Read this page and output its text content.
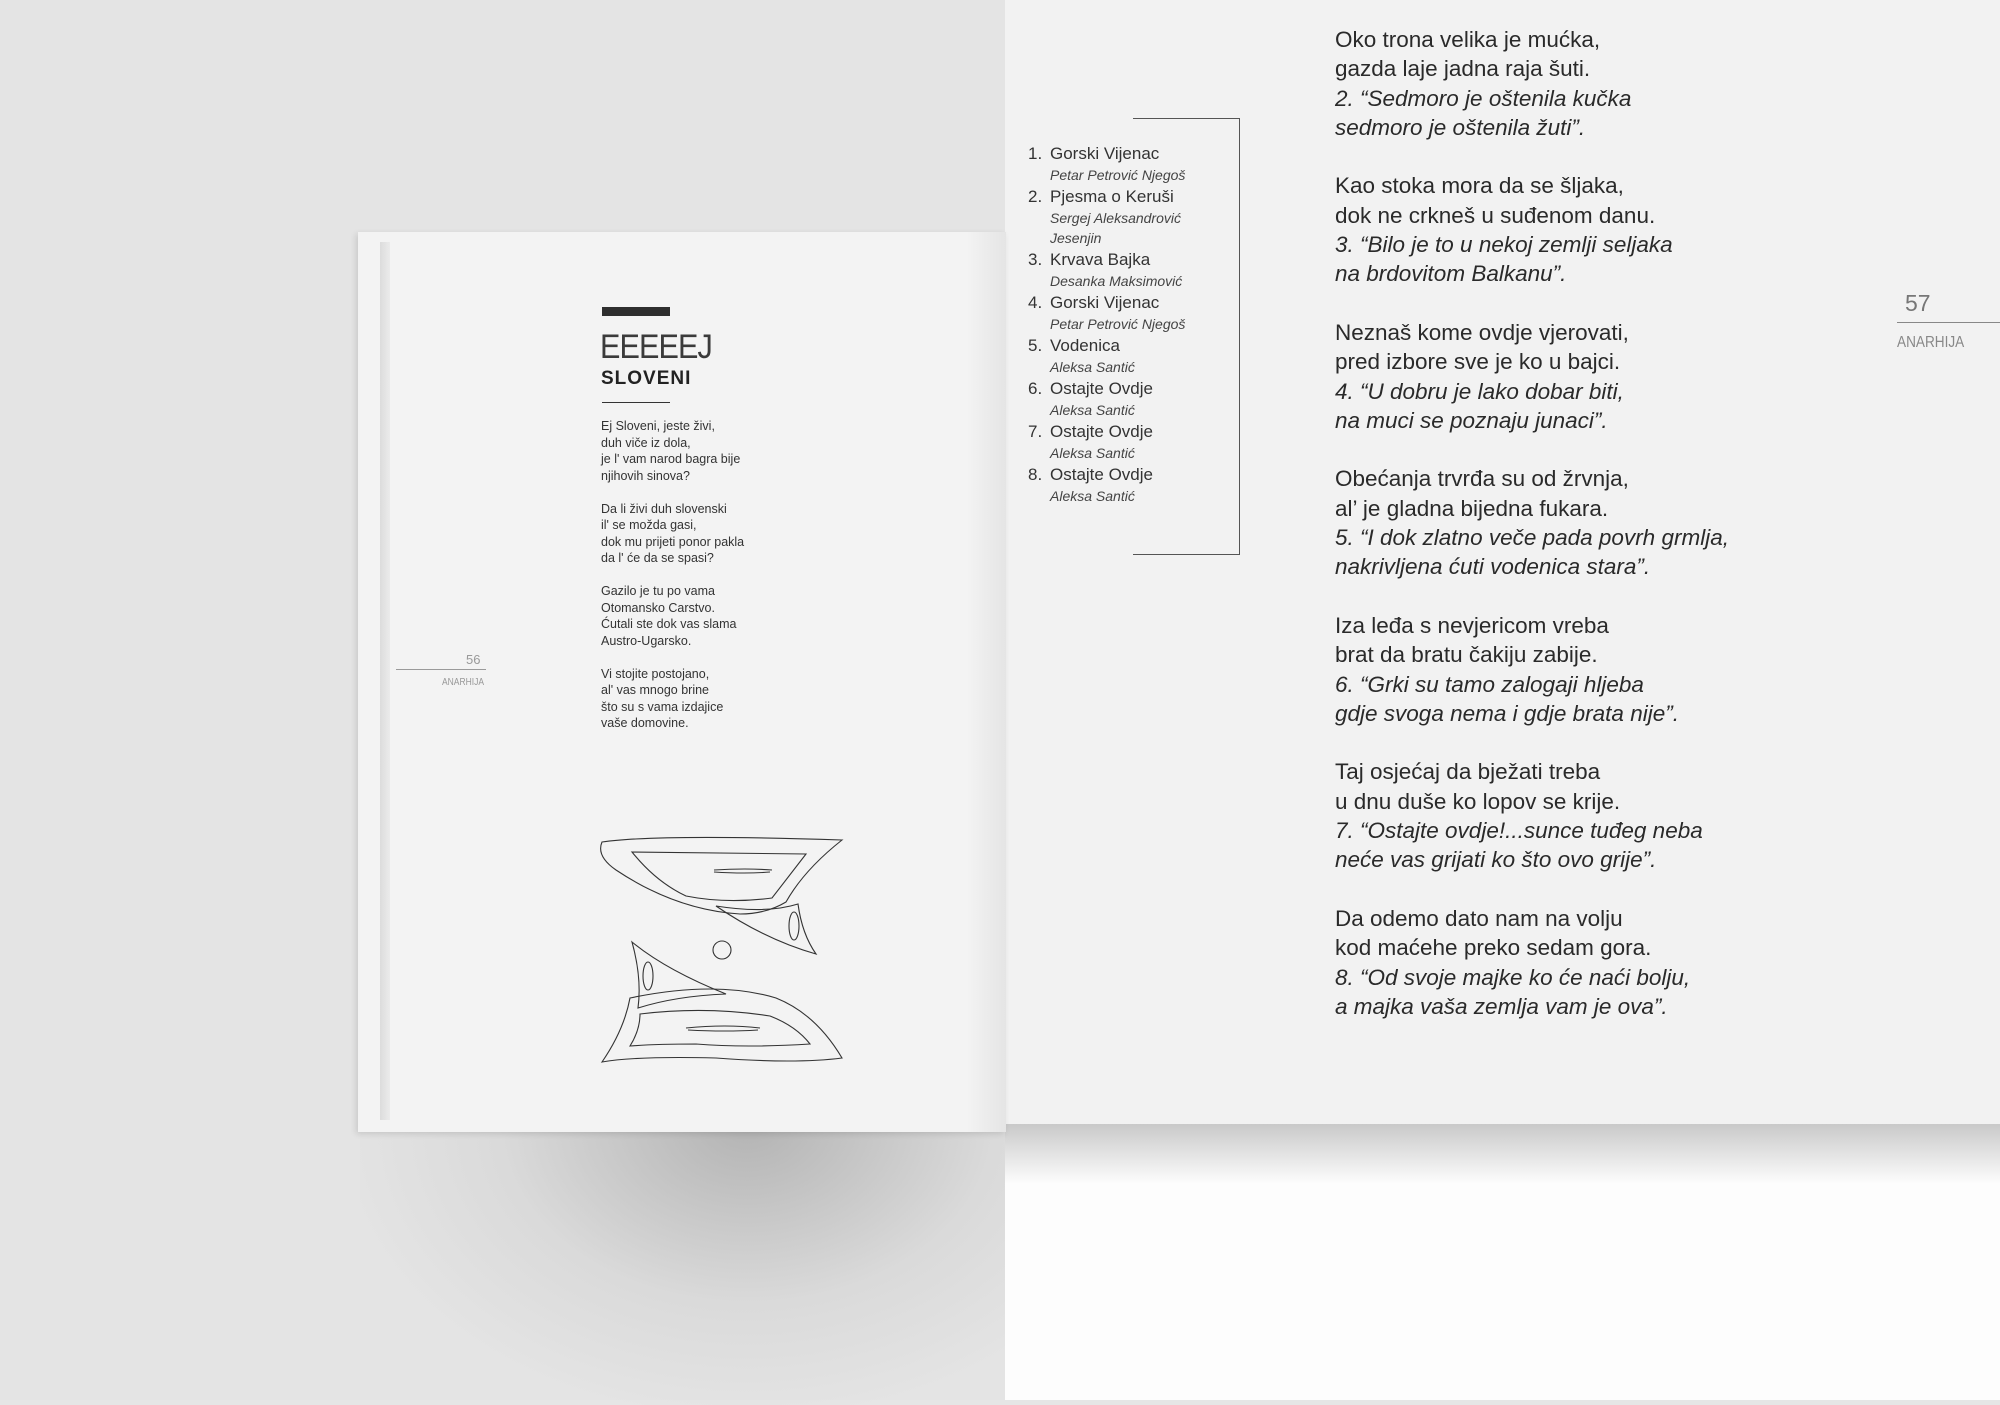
EEEEEJ
SLOVENI
Ej Sloveni, jeste živi,
duh viče iz dola,
je l' vam narod bagra bije
njihovih sinova?
Da li živi duh slovenski
il' se možda gasi,
dok mu prijeti ponor pakla
da l' će da se spasi?
Gazilo je tu po vama
Otomansko Carstvo.
Ćutali ste dok vas slama
Austro-Ugarsko.
Vi stojite postojano,
al' vas mnogo brine
što su s vama izdajice
vaše domovine.
56
ANARHIJA
1. Gorski Vijenac
Petar Petrović Njegoš
2. Pjesma o Keruši
Sergej Aleksandrović Jesenjin
3. Krvava Bajka
Desanka Maksimović
4. Gorski Vijenac
Petar Petrović Njegoš
5. Vodenica
Aleksa Santić
6. Ostajte Ovdje
Aleksa Santić
7. Ostajte Ovdje
Aleksa Santić
8. Ostajte Ovdje
Aleksa Santić
Oko trona velika je mućka,
gazda laje jadna raja šuti.
2. “Sedmoro je oštenila kučka
sedmoro je oštenila žuti”.
Kao stoka mora da se šljaka,
dok ne crkneš u suđenom danu.
3. “Bilo je to u nekoj zemlji seljaka
na brdovitom Balkanu”.
Neznaš kome ovdje vjerovati,
pred izbore sve je ko u bajci.
4. “U dobru je lako dobar biti,
na muci se poznaju junaci”.
Obećanja trvrđa su od žrvnja,
al’ je gladna bijedna fukara.
5. “I dok zlatno veče pada povrh grmlja,
nakrivljena ćuti vodenica stara”.
Iza leđa s nevjericom vreba
brat da bratu čakiju zabije.
6. “Grki su tamo zalogaji hljeba
gdje svoga nema i gdje brata nije”.
Taj osjećaj da bježati treba
u dnu duše ko lopov se krije.
7. “Ostajte ovdje!...sunce tuđeg neba
neće vas grijati ko što ovo grije”.
Da odemo dato nam na volju
kod maćehe preko sedam gora.
8. “Od svoje majke ko će naći bolju,
a majka vaša zemlja vam je ova”.
57
ANARHIJA
